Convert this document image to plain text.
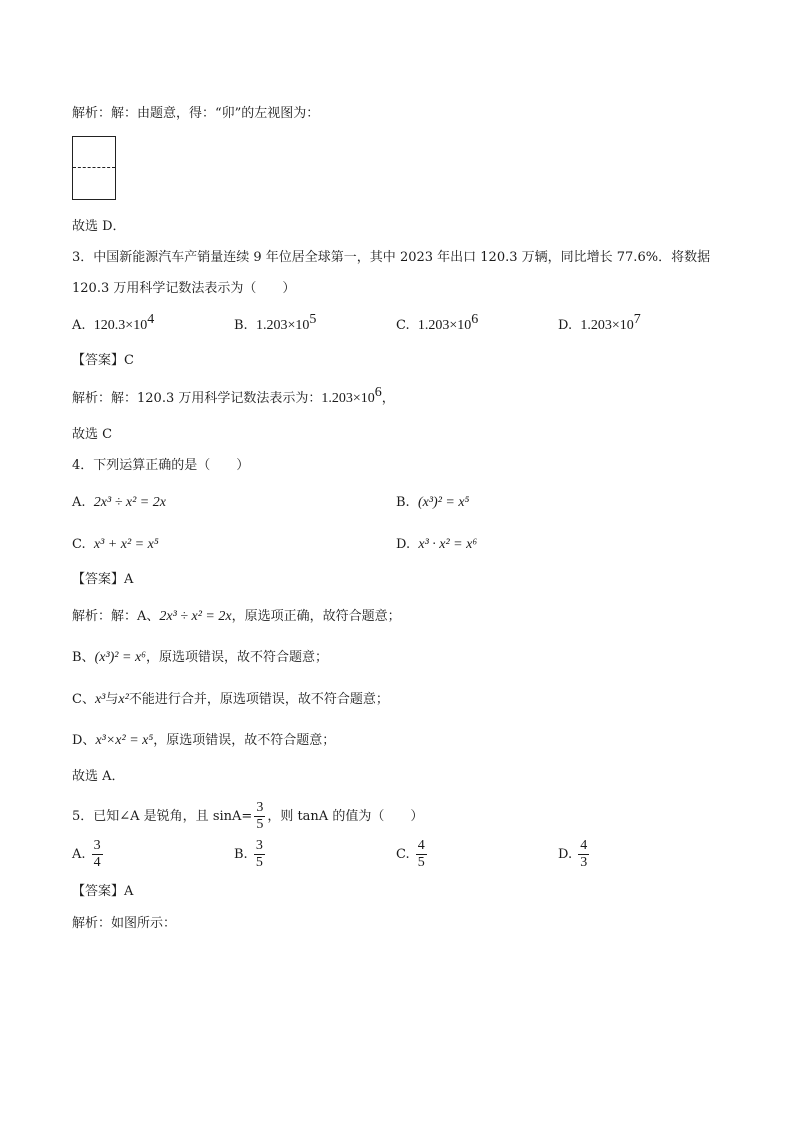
解析：解：由题意，得：“卯”的左视图为：
故选 D．
3．中国新能源汽车产销量连续 9 年位居全球第一，其中 2023 年出口 120.3 万辆，同比增长 77.6%．将数据
120.3 万用科学记数法表示为（　　）
A. $120.3\times 10^4$	B. $1.203\times 10^5$	C. $1.203\times 10^6$	D. $1.203\times 10^7$
【答案】C
解析：解：120.3 万用科学记数法表示为：$1.203\times 10^6$，
故选 C
4．下列运算正确的是（　　）
A. 2x³ ÷ x² = 2x	B. (x³)² = x⁵
C. x³ + x² = x⁵	D. x³ · x² = x⁶
【答案】A
解析：解：A、2x³ ÷ x² = 2x，原选项正确，故符合题意；
B、(x³)² = x⁶，原选项错误，故不符合题意；
C、x³与x²不能进行合并，原选项错误，故不符合题意；
D、x³×x² = x⁵，原选项错误，故不符合题意；
故选 A．
5．已知∠A 是锐角，且 $\sin A= \frac{3}{5}$ ，则 tanA 的值为（　　）
A. $\frac{3}{4}$	B. $\frac{3}{5}$	C. $\frac{4}{5}$	D. $\frac{4}{3}$
【答案】A
解析：如图所示：
